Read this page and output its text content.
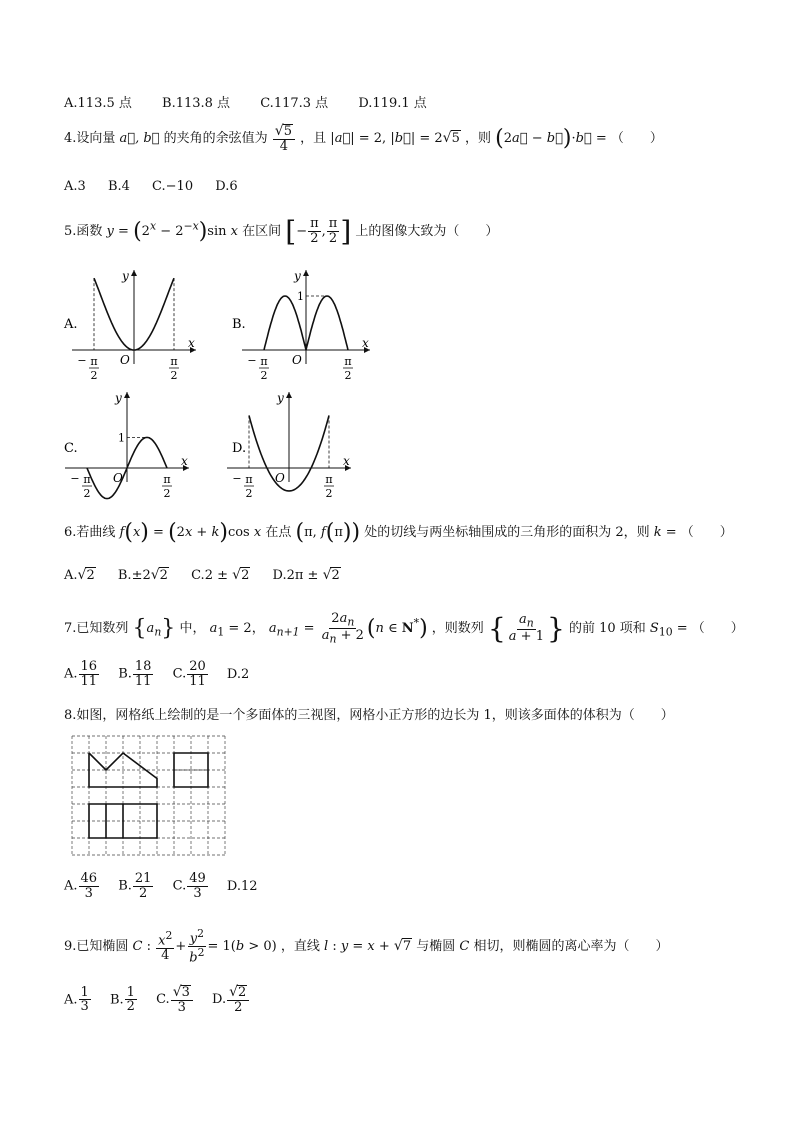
A.113.5 点 B.113.8 点 C.117.3 点 D.119.1 点
4.设向量 a⃗, b⃗ 的夹角的余弦值为 $\frac{√5}{4}$ ，且 |a⃗| = 2, |b⃗| = 2√5 ，则 (2a⃗ − b⃗)·b⃗ = （　　）
A.3 B.4 C.−10 D.6
5.函数 $y = (2^x - 2^{-x})\sin$ x 在区间 [− $\frac{\pi}{2}$ , $\frac{\pi}{2}$ ] 上的图像大致为（　　）
A.
y
x
O
− π
2
π
2
B.
y
x
O
− π
2
π
2
1
C.
y
x
O
− π
2
π
2
1
D.
y
x
O
− π
2
π
2
6.若曲线 f(x) = (2x + k)cos x 在点 (π, f(π)) 处的切线与两坐标轴围成的三角形的面积为 2，则 k = （　　）
A.√2 B.±2√2 C.2 ± √2 D.2π ± √2
7.已知数列 $\{a_n\}$ 中， $a_1 = 2$， $a_{n+1} = \frac{2a_n}{a_n + 2} (n$ ∈ N*) ，则数列 { $\frac{a_n}{a + 1}$ } 的前 10 项和 $S_{10}$ = （　　）
A. $\frac{16}{11} B$. $\frac{18}{11} C$. $\frac{20}{11} D.2$
8.如图，网格纸上绘制的是一个多面体的三视图，网格小正方形的边长为 1，则该多面体的体积为（　　）
A. $\frac{46}{3} B$. $\frac{21}{2} C$. $\frac{49}{3} D.12$
9.已知椭圆 C : $\frac{x^2}{4} + \frac{y^2}{b^2} = 1(b > 0)$ ，直线 l : y = x + √7 与椭圆 C 相切，则椭圆的离心率为（　　）
A. $\frac{1}{3} B$. $\frac{1}{2} C$. $\frac{√3}{3} D$. $\frac{√2}{2}$
